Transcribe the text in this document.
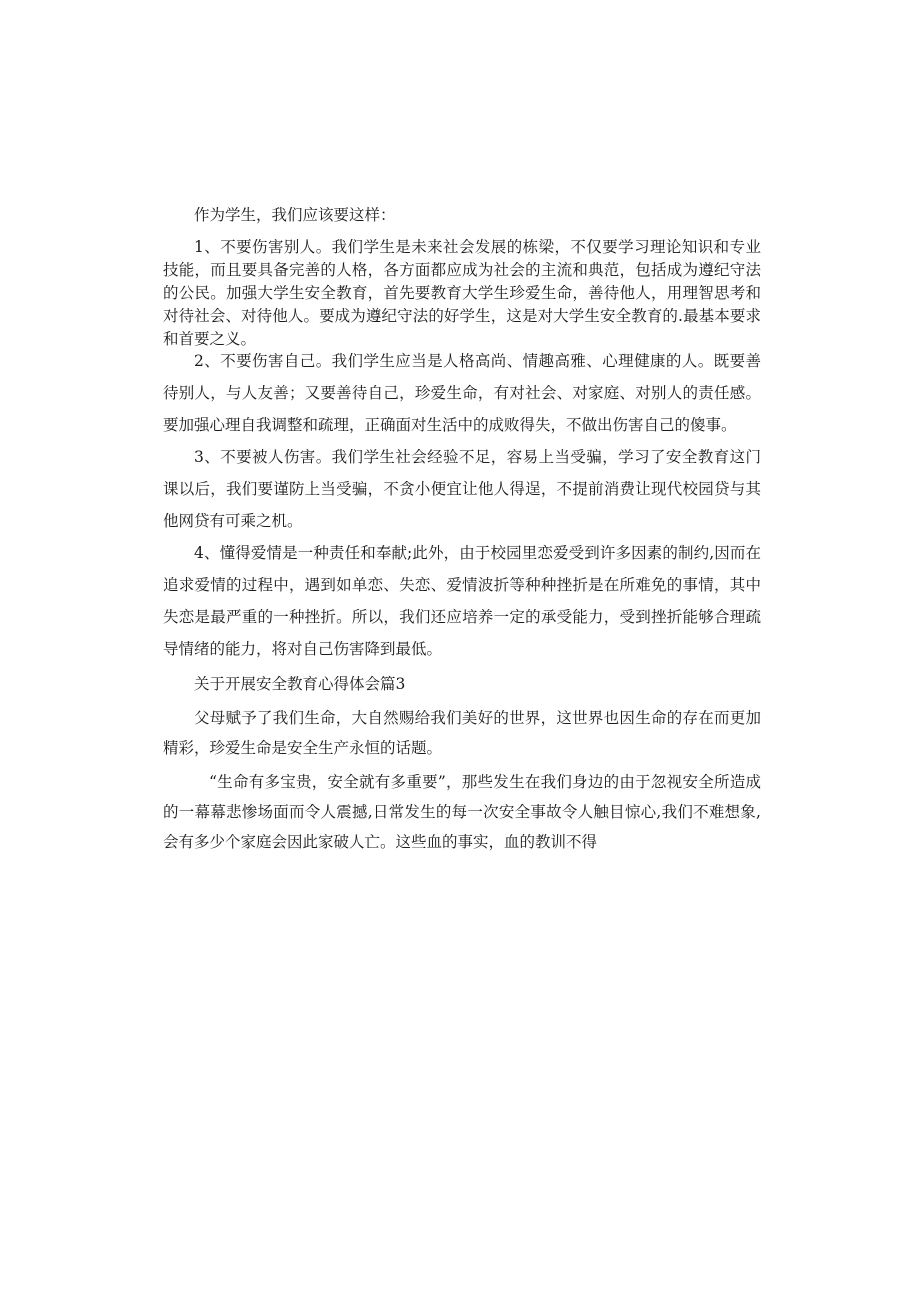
作为学生，我们应该要这样：

1、不要伤害别人。我们学生是未来社会发展的栋梁，不仅要学习理论知识和专业技能，而且要具备完善的人格，各方面都应成为社会的主流和典范，包括成为遵纪守法的公民。加强大学生安全教育，首先要教育大学生珍爱生命，善待他人，用理智思考和对待社会、对待他人。要成为遵纪守法的好学生，这是对大学生安全教育的.最基本要求和首要之义。

2、不要伤害自己。我们学生应当是人格高尚、情趣高雅、心理健康的人。既要善待别人，与人友善；又要善待自己，珍爱生命，有对社会、对家庭、对别人的责任感。要加强心理自我调整和疏理，正确面对生活中的成败得失，不做出伤害自己的傻事。

3、不要被人伤害。我们学生社会经验不足，容易上当受骗，学习了安全教育这门课以后，我们要谨防上当受骗，不贪小便宜让他人得逞，不提前消费让现代校园贷与其他网贷有可乘之机。

4、懂得爱情是一种责任和奉献;此外，由于校园里恋爱受到许多因素的制约,因而在追求爱情的过程中，遇到如单恋、失恋、爱情波折等种种挫折是在所难免的事情，其中失恋是最严重的一种挫折。所以，我们还应培养一定的承受能力，受到挫折能够合理疏导情绪的能力，将对自己伤害降到最低。

关于开展安全教育心得体会篇3

父母赋予了我们生命，大自然赐给我们美好的世界，这世界也因生命的存在而更加精彩，珍爱生命是安全生产永恒的话题。

“生命有多宝贵，安全就有多重要”，那些发生在我们身边的由于忽视安全所造成的一幕幕悲惨场面而令人震撼,日常发生的每一次安全事故令人触目惊心,我们不难想象,会有多少个家庭会因此家破人亡。这些血的事实，血的教训不得
